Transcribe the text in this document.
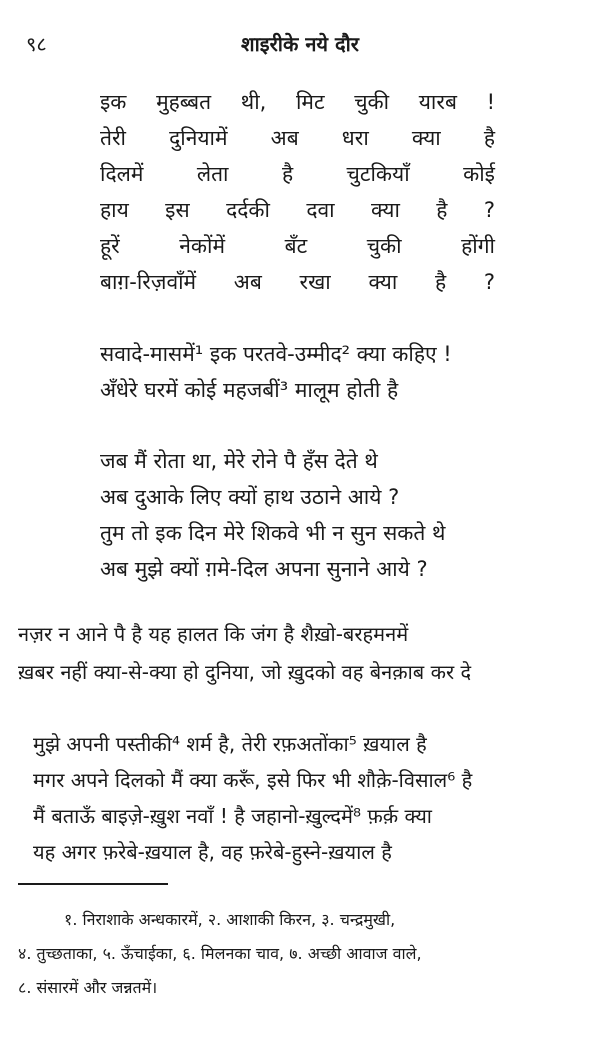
९८	शाइरीके नये दौर
इक मुहब्बत थी, मिट चुकी यारब !
तेरी दुनियामें अब धरा क्या है
दिलमें लेता है चुटकियाँ कोई
हाय इस दर्दकी दवा क्या है ?
हूरें नेकोंमें बँट चुकी होंगी
बाग़-रिज़वाँमें अब रखा क्या है ?
सवादे-मासमें¹ इक परतवे-उम्मीद² क्या कहिए !
अँधेरे घरमें कोई महजबीं³ मालूम होती है
जब मैं रोता था, मेरे रोने पै हँस देते थे
अब दुआके लिए क्यों हाथ उठाने आये ?
तुम तो इक दिन मेरे शिकवे भी न सुन सकते थे
अब मुझे क्यों ग़मे-दिल अपना सुनाने आये ?
नज़र न आने पै है यह हालत कि जंग है शैख़ो-बरहमनमें
ख़बर नहीं क्या-से-क्या हो दुनिया, जो ख़ुदको वह बेनक़ाब कर दे
मुझे अपनी पस्तीकी⁴ शर्म है, तेरी रफ़अतोंका⁵ ख़याल है
मगर अपने दिलको मैं क्या करूँ, इसे फिर भी शौक़े-विसाल⁶ है
मैं बताऊँ बाइज़े-ख़ुश नवाँ ! है जहानो-ख़ुल्दमें⁸ फ़र्क़ क्या
यह अगर फ़रेबे-ख़याल है, वह फ़रेबे-हुस्ने-ख़याल है
१. निराशाके अन्धकारमें, २. आशाकी किरन, ३. चन्द्रमुखी,
४. तुच्छताका, ५. ऊँचाईका, ६. मिलनका चाव, ७. अच्छी आवाज वाले,
८. संसारमें और जन्नतमें।
